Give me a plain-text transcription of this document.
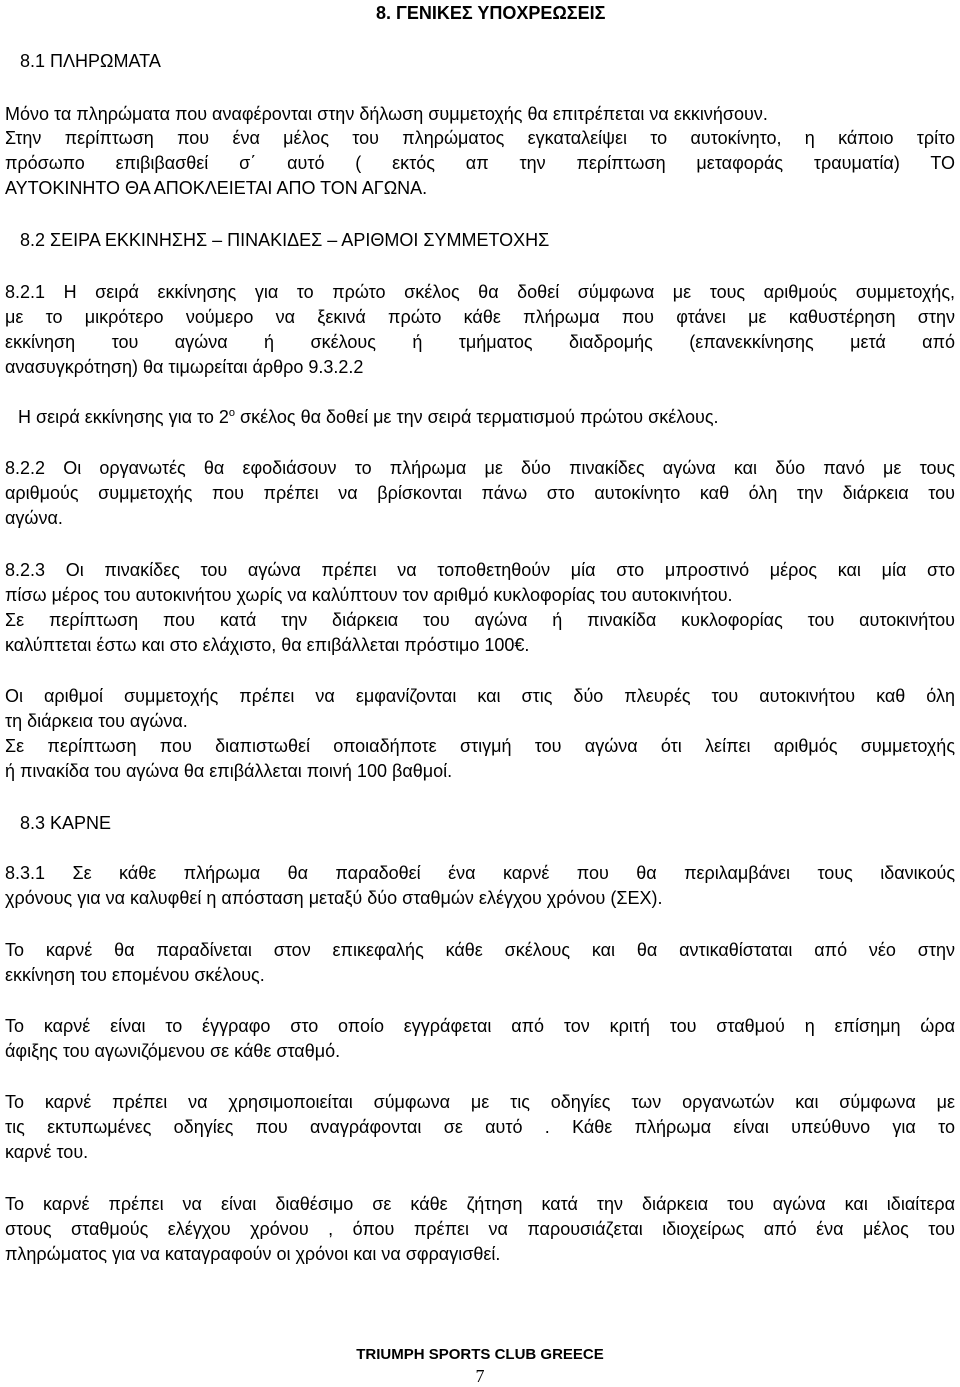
8. ΓΕΝΙΚΕΣ ΥΠΟΧΡΕΩΣΕΙΣ
8.1 ΠΛΗΡΩΜΑΤΑ
Μόνο τα πληρώματα που αναφέρονται στην δήλωση συμμετοχής θα επιτρέπεται να εκκινήσουν.
Στην περίπτωση που ένα μέλος του πληρώματος εγκαταλείψει το αυτοκίνητο, η κάποιο τρίτο
πρόσωπο επιβιβασθεί σ΄ αυτό ( εκτός απ την περίπτωση μεταφοράς τραυματία) ΤΟ
ΑΥΤΟΚΙΝΗΤΟ ΘΑ ΑΠΟΚΛΕΙΕΤΑΙ ΑΠΟ ΤΟΝ ΑΓΩΝΑ.
8.2 ΣΕΙΡΑ ΕΚΚΙΝΗΣΗΣ – ΠΙΝΑΚΙΔΕΣ – ΑΡΙΘΜΟΙ ΣΥΜΜΕΤΟΧΗΣ
8.2.1 Η σειρά εκκίνησης για το πρώτο σκέλος θα δοθεί σύμφωνα με τους αριθμούς συμμετοχής,
με το μικρότερο νούμερο να ξεκινά πρώτο κάθε πλήρωμα που φτάνει με καθυστέρηση στην
εκκίνηση του αγώνα ή σκέλους ή τμήματος διαδρομής (επανεκκίνησης μετά από
ανασυγκρότηση) θα τιμωρείται άρθρο 9.3.2.2
Η σειρά εκκίνησης για το $2^o$ σκέλος θα δοθεί με την σειρά τερματισμού πρώτου σκέλους.
8.2.2 Οι οργανωτές θα εφοδιάσουν το πλήρωμα με δύο πινακίδες αγώνα και δύο πανό με τους
αριθμούς συμμετοχής που πρέπει να βρίσκονται πάνω στο αυτοκίνητο καθ όλη την διάρκεια του
αγώνα.
8.2.3 Οι πινακίδες του αγώνα πρέπει να τοποθετηθούν μία στο μπροστινό μέρος και μία στο
πίσω μέρος του αυτοκινήτου χωρίς να καλύπτουν τον αριθμό κυκλοφορίας του αυτοκινήτου.
Σε περίπτωση που κατά την διάρκεια του αγώνα ή πινακίδα κυκλοφορίας του αυτοκινήτου
καλύπτεται έστω και στο ελάχιστο, θα επιβάλλεται πρόστιμο 100€.
Οι αριθμοί συμμετοχής πρέπει να εμφανίζονται και στις δύο πλευρές του αυτοκινήτου καθ όλη
τη διάρκεια του αγώνα.
Σε περίπτωση που διαπιστωθεί οποιαδήποτε στιγμή του αγώνα ότι λείπει αριθμός συμμετοχής
ή πινακίδα του αγώνα θα επιβάλλεται ποινή 100 βαθμοί.
8.3 ΚΑΡΝΕ
8.3.1 Σε κάθε πλήρωμα θα παραδοθεί ένα καρνέ που θα περιλαμβάνει τους ιδανικούς
χρόνους για να καλυφθεί η απόσταση μεταξύ δύο σταθμών ελέγχου χρόνου (ΣΕΧ).
Το καρνέ θα παραδίνεται στον επικεφαλής κάθε σκέλους και θα αντικαθίσταται από νέο στην
εκκίνηση του επομένου σκέλους.
Το καρνέ είναι το έγγραφο στο οποίο εγγράφεται από τον κριτή του σταθμού η επίσημη ώρα
άφιξης του αγωνιζόμενου σε κάθε σταθμό.
Το καρνέ πρέπει να χρησιμοποιείται σύμφωνα με τις οδηγίες των οργανωτών και σύμφωνα με
τις εκτυπωμένες οδηγίες που αναγράφονται σε αυτό . Κάθε πλήρωμα είναι υπεύθυνο για το
καρνέ του.
Το καρνέ πρέπει να είναι διαθέσιμο σε κάθε ζήτηση κατά την διάρκεια του αγώνα και ιδιαίτερα
στους σταθμούς ελέγχου χρόνου , όπου πρέπει να παρουσιάζεται ιδιοχείρως από ένα μέλος του
πληρώματος για να καταγραφούν οι χρόνοι και να σφραγισθεί.
TRIUMPH SPORTS CLUB GREECE
7
